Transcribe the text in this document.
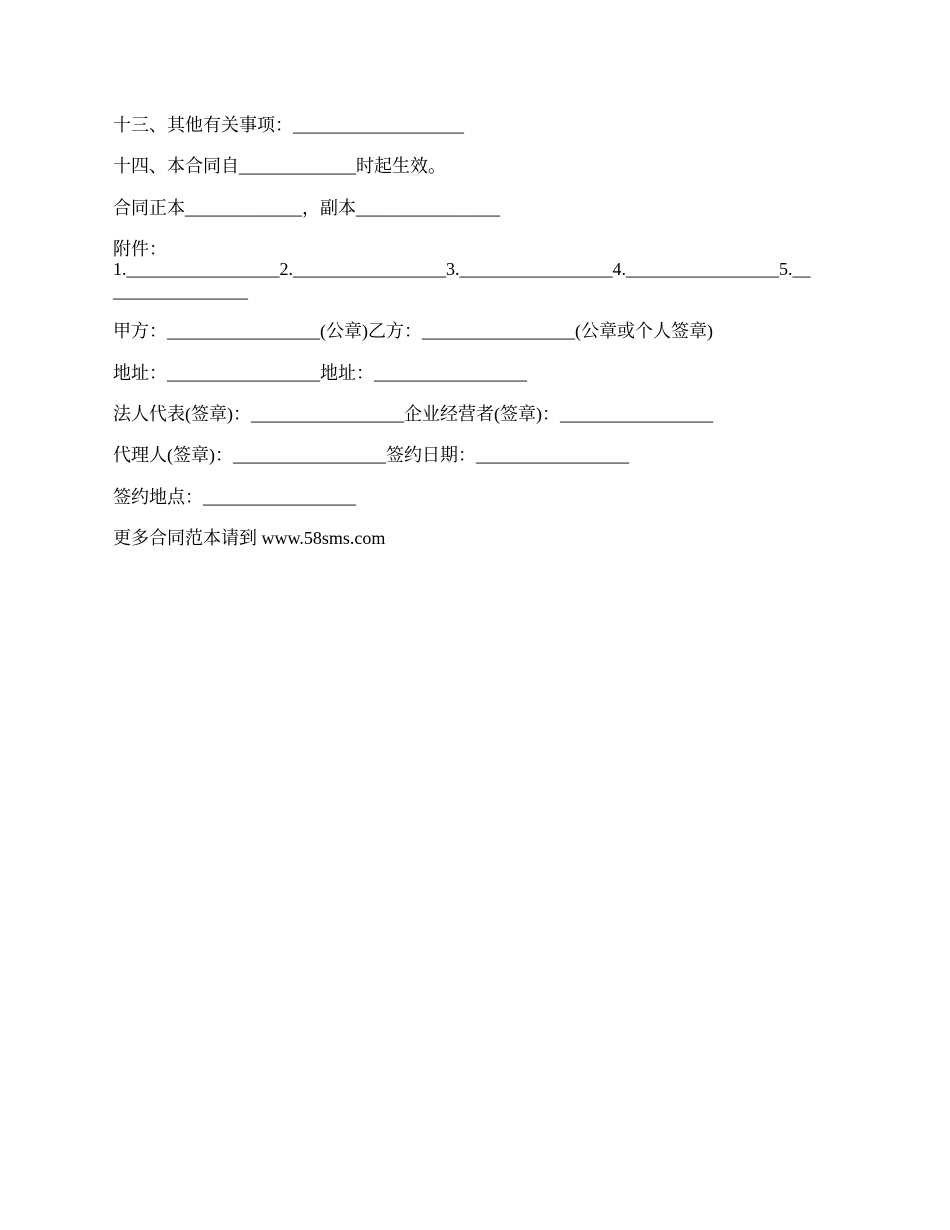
十三、其他有关事项：___________________
十四、本合同自_____________时起生效。
合同正本_____________，副本________________
附件：
1._________________2._________________3._________________4._________________5.__
_______________
甲方：_________________(公章)乙方：_________________(公章或个人签章)
地址：_________________地址：_________________
法人代表(签章)：_________________企业经营者(签章)：_________________
代理人(签章)：_________________签约日期：_________________
签约地点：_________________
更多合同范本请到 www.58sms.com
